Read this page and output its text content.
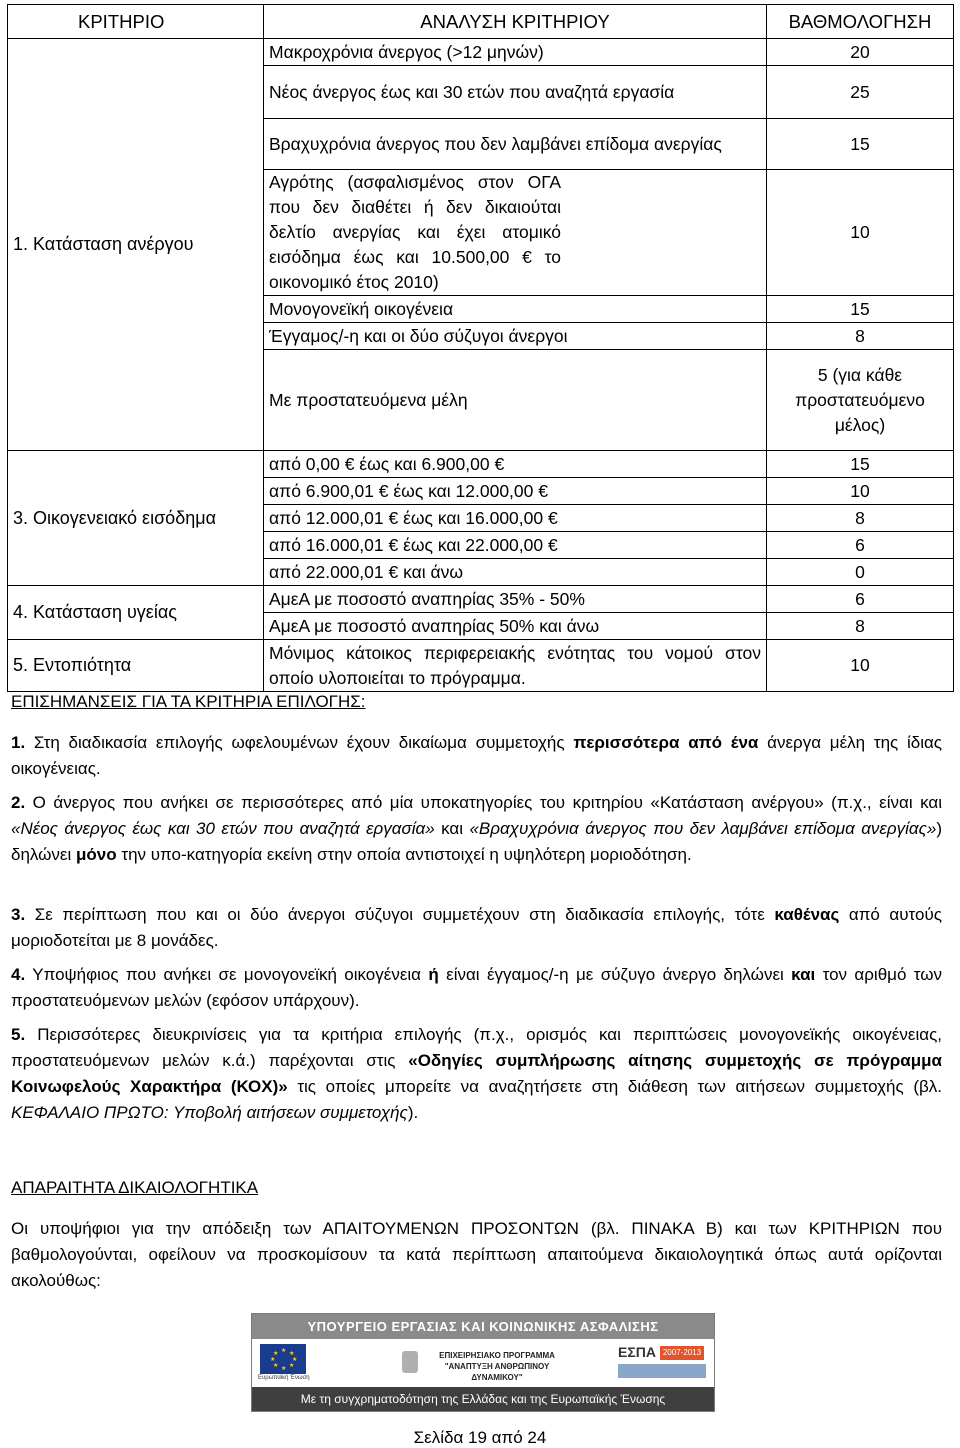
ΚΡΙΤΗΡΙΟ	ΑΝΑΛΥΣΗ ΚΡΙΤΗΡΙΟΥ	ΒΑΘΜΟΛΟΓΗΣΗ
1. Κατάσταση ανέργου	Μακροχρόνια άνεργος (>12 μηνών)	20
	Νέος άνεργος έως και 30 ετών που αναζητά εργασία	25
	Βραχυχρόνια άνεργος που δεν λαμβάνει επίδομα ανεργίας	15
	Αγρότης (ασφαλισμένος στον ΟΓΑ που δεν διαθέτει ή δεν δικαιούται δελτίο ανεργίας και έχει ατομικό εισόδημα έως και 10.500,00 € το οικονομικό έτος 2010)	10
	Μονογονεϊκή οικογένεια	15
	Έγγαμος/-η και οι δύο σύζυγοι άνεργοι	8
	Με προστατευόμενα μέλη	5 (για κάθε προστατευόμενο μέλος)
3. Οικογενειακό εισόδημα	από 0,00 € έως και 6.900,00 €	15
	από 6.900,01 € έως και 12.000,00 €	10
	από 12.000,01 € έως και 16.000,00 €	8
	από 16.000,01 € έως και 22.000,00 €	6
	από 22.000,01 € και άνω	0
4. Κατάσταση υγείας	ΑμεΑ με ποσοστό αναπηρίας 35% - 50%	6
	ΑμεΑ με ποσοστό αναπηρίας 50% και άνω	8
5. Εντοπιότητα	Μόνιμος κάτοικος περιφερειακής ενότητας του νομού στον οποίο υλοποιείται το πρόγραμμα.	10
ΕΠΙΣΗΜΑΝΣΕΙΣ ΓΙΑ ΤΑ ΚΡΙΤΗΡΙΑ ΕΠΙΛΟΓΗΣ:
1. Στη διαδικασία επιλογής ωφελουμένων έχουν δικαίωμα συμμετοχής περισσότερα από ένα άνεργα μέλη της ίδιας οικογένειας.
2. Ο άνεργος που ανήκει σε περισσότερες από μία υποκατηγορίες του κριτηρίου «Κατάσταση ανέργου» (π.χ., είναι και «Νέος άνεργος έως και 30 ετών που αναζητά εργασία» και «Βραχυχρόνια άνεργος που δεν λαμβάνει επίδομα ανεργίας») δηλώνει μόνο την υπο-κατηγορία εκείνη στην οποία αντιστοιχεί η υψηλότερη μοριοδότηση.
3. Σε περίπτωση που και οι δύο άνεργοι σύζυγοι συμμετέχουν στη διαδικασία επιλογής, τότε καθένας από αυτούς μοριοδοτείται με 8 μονάδες.
4. Υποψήφιος που ανήκει σε μονογονεϊκή οικογένεια ή είναι έγγαμος/-η με σύζυγο άνεργο δηλώνει και τον αριθμό των προστατευόμενων μελών (εφόσον υπάρχουν).
5. Περισσότερες διευκρινίσεις για τα κριτήρια επιλογής (π.χ., ορισμός και περιπτώσεις μονογονεϊκής οικογένειας, προστατευόμενων μελών κ.ά.) παρέχονται στις «Οδηγίες συμπλήρωσης αίτησης συμμετοχής σε πρόγραμμα Κοινωφελούς Χαρακτήρα (ΚΟΧ)» τις οποίες μπορείτε να αναζητήσετε στη διάθεση των αιτήσεων συμμετοχής (βλ. ΚΕΦΑΛΑΙΟ ΠΡΩΤΟ: Υποβολή αιτήσεων συμμετοχής).
ΑΠΑΡΑΙΤΗΤΑ ΔΙΚΑΙΟΛΟΓΗΤΙΚΑ
Οι υποψήφιοι για την απόδειξη των ΑΠΑΙΤΟΥΜΕΝΩΝ ΠΡΟΣΟΝΤΩΝ (βλ. ΠΙΝΑΚΑ Β) και των ΚΡΙΤΗΡΙΩΝ που βαθμολογούνται, οφείλουν να προσκομίσουν τα κατά περίπτωση απαιτούμενα δικαιολογητικά όπως αυτά ορίζονται ακολούθως:
ΥΠΟΥΡΓΕΙΟ ΕΡΓΑΣΙΑΣ ΚΑΙ ΚΟΙΝΩΝΙΚΗΣ ΑΣΦΑΛΙΣΗΣ
★ ★
★
★
★
★
★
★
Ευρωπαϊκή Ένωση
ΕΠΙΧΕΙΡΗΣΙΑΚΟ ΠΡΟΓΡΑΜΜΑ
"ΑΝΑΠΤΥΞΗ ΑΝΘΡΩΠΙΝΟΥ ΔΥΝΑΜΙΚΟΥ"
ΕΣΠΑ 2007-2013
Με τη συγχρηματοδότηση της Ελλάδας και της Ευρωπαϊκής Ένωσης
Σελίδα 19 από 24
